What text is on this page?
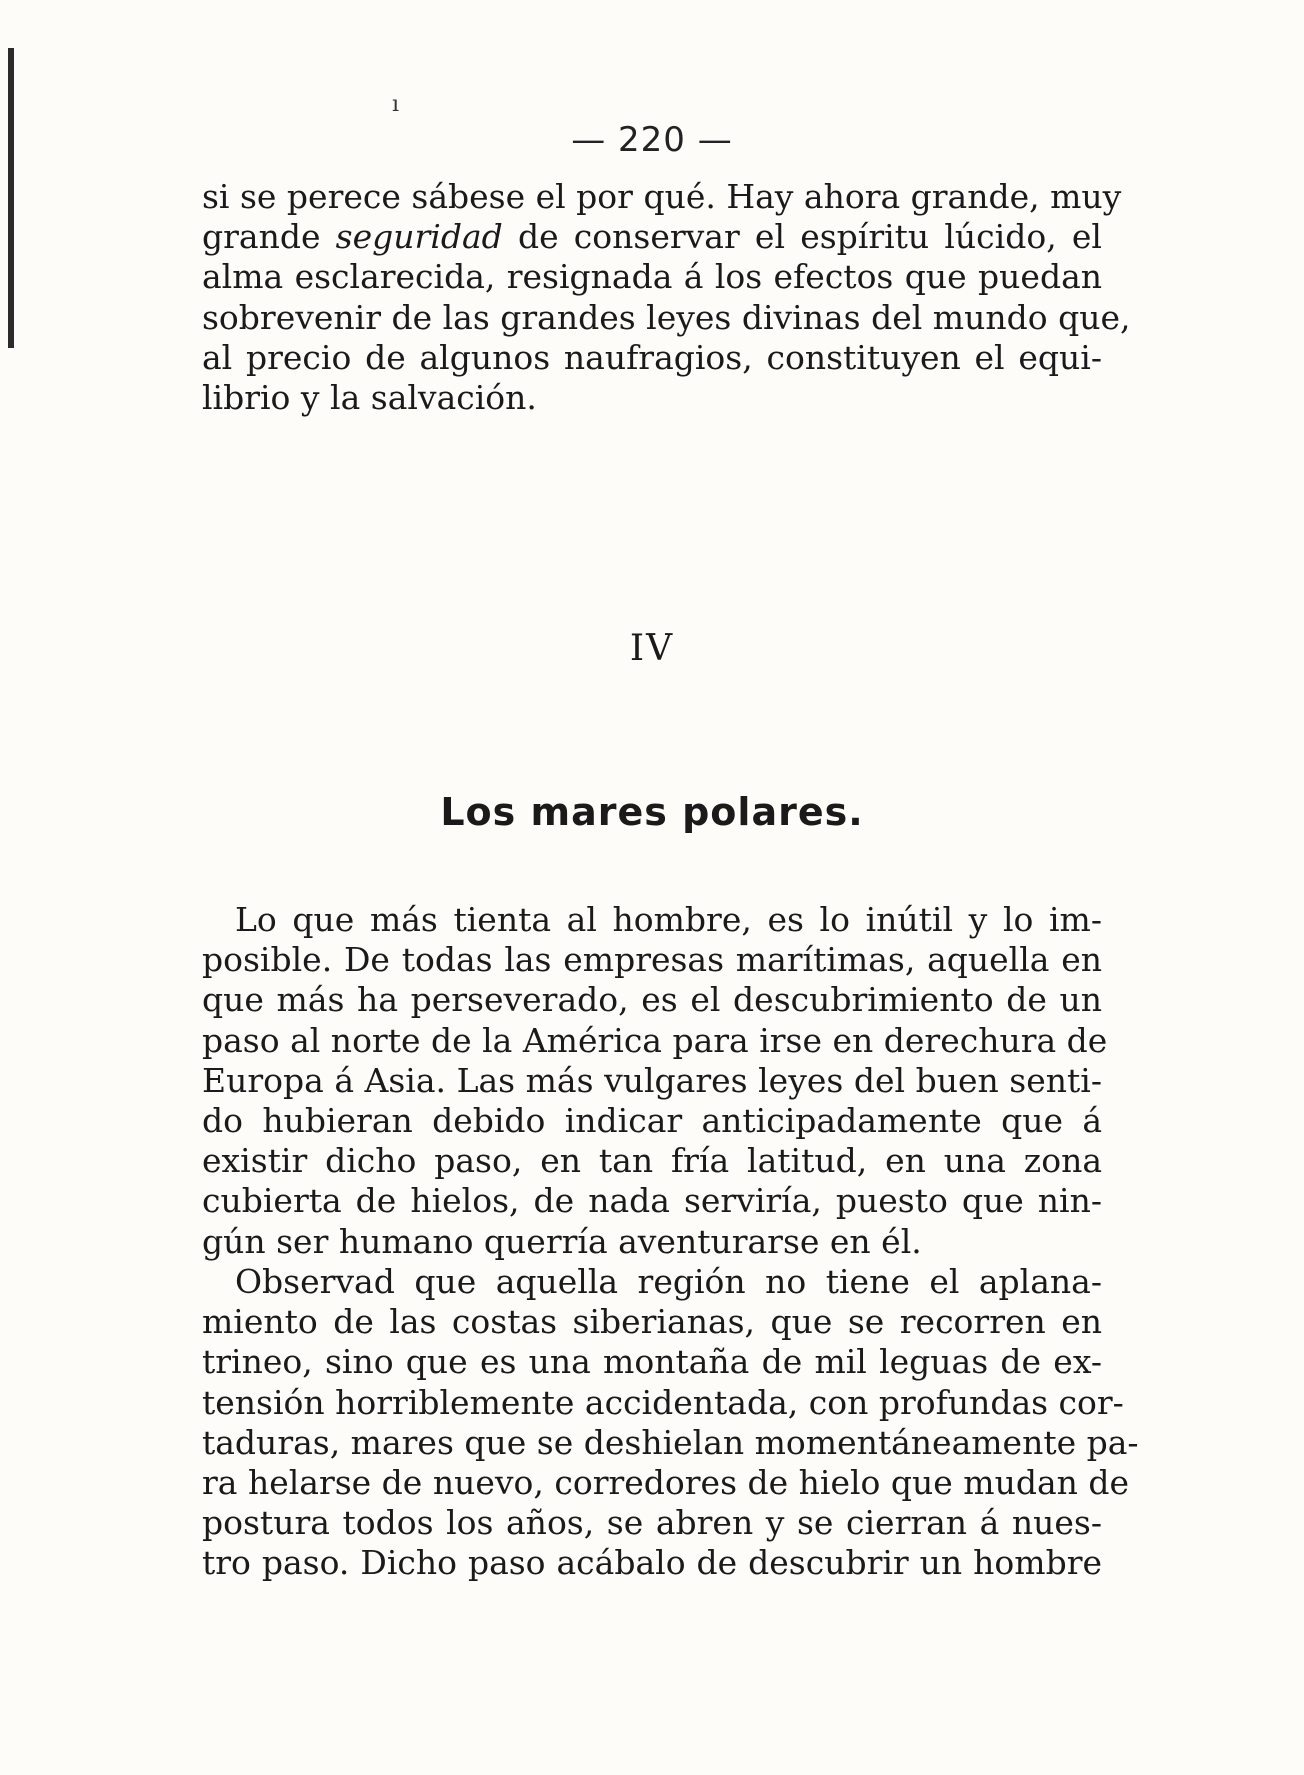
ı
— 220 —
si se perece sábese el por qué. Hay ahora grande, muy
grande seguridad de conservar el espíritu lúcido, el
alma esclarecida, resignada á los efectos que puedan
sobrevenir de las grandes leyes divinas del mundo que,
al precio de algunos naufragios, constituyen el equi-
librio y la salvación.
IV
Los mares polares.
Lo que más tienta al hombre, es lo inútil y lo im-
posible. De todas las empresas marítimas, aquella en
que más ha perseverado, es el descubrimiento de un
paso al norte de la América para irse en derechura de
Europa á Asia. Las más vulgares leyes del buen senti-
do hubieran debido indicar anticipadamente que á
existir dicho paso, en tan fría latitud, en una zona
cubierta de hielos, de nada serviría, puesto que nin-
gún ser humano querría aventurarse en él.
Observad que aquella región no tiene el aplana-
miento de las costas siberianas, que se recorren en
trineo, sino que es una montaña de mil leguas de ex-
tensión horriblemente accidentada, con profundas cor-
taduras, mares que se deshielan momentáneamente pa-
ra helarse de nuevo, corredores de hielo que mudan de
postura todos los años, se abren y se cierran á nues-
tro paso. Dicho paso acábalo de descubrir un hombre
